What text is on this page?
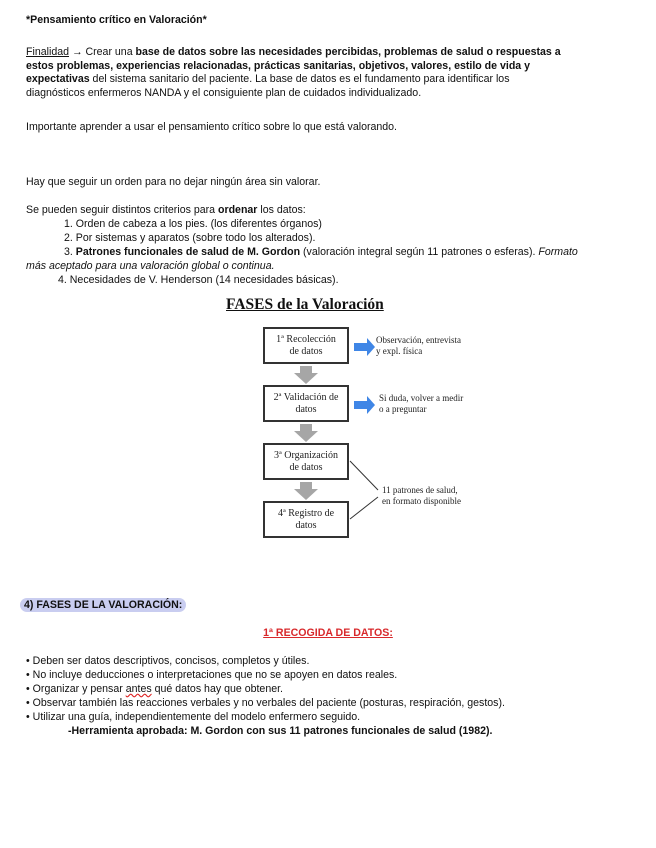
*Pensamiento crítico en Valoración*

Finalidad → Crear una base de datos sobre las necesidades percibidas, problemas de salud o respuestas a

estos problemas, experiencias relacionadas, prácticas sanitarias, objetivos, valores, estilo de vida y

expectativas del sistema sanitario del paciente. La base de datos es el fundamento para identificar los

diagnósticos enfermeros NANDA y el consiguiente plan de cuidados individualizado.

Importante aprender a usar el pensamiento crítico sobre lo que está valorando.
Hay que seguir un orden para no dejar ningún área sin valorar.
Se pueden seguir distintos criterios para ordenar los datos:
1. Orden de cabeza a los pies. (los diferentes órganos)
2. Por sistemas y aparatos (sobre todo los alterados).
3. Patrones funcionales de salud de M. Gordon (valoración integral según 11 patrones o esferas). Formato
más aceptado para una valoración global o continua.
4. Necesidades de V. Henderson (14 necesidades básicas).
FASES de la Valoración
1ª Recolección
de datos
2ª Validación de
datos
3ª Organización
de datos
4ª Registro de
datos
Observación, entrevista
y expl. física
Si duda, volver a medir
o a preguntar
11 patrones de salud,
en formato disponible
4) FASES DE LA VALORACIÓN:
1ª RECOGIDA DE DATOS:
• Deben ser datos descriptivos, concisos, completos y útiles.
• No incluye deducciones o interpretaciones que no se apoyen en datos reales.
• Organizar y pensar antes qué datos hay que obtener.
• Observar también las reacciones verbales y no verbales del paciente (posturas, respiración, gestos).
• Utilizar una guía, independientemente del modelo enfermero seguido.
-Herramienta aprobada: M. Gordon con sus 11 patrones funcionales de salud (1982).
